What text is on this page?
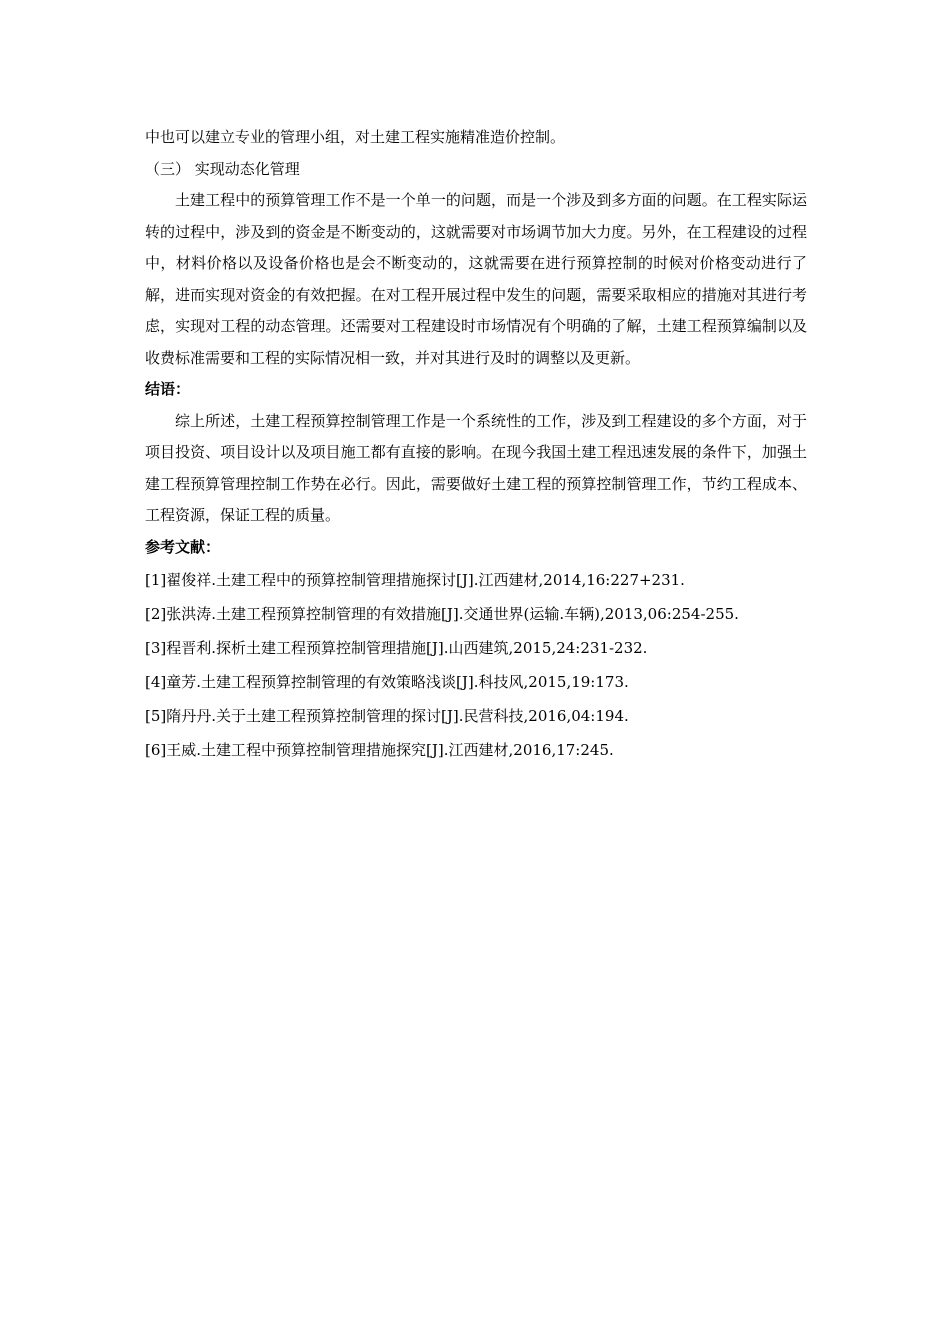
中也可以建立专业的管理小组，对土建工程实施精准造价控制。

（三） 实现动态化管理

土建工程中的预算管理工作不是一个单一的问题，而是一个涉及到多方面的问题。在工程实际运转的过程中，涉及到的资金是不断变动的，这就需要对市场调节加大力度。另外，在工程建设的过程中，材料价格以及设备价格也是会不断变动的，这就需要在进行预算控制的时候对价格变动进行了解，进而实现对资金的有效把握。在对工程开展过程中发生的问题，需要采取相应的措施对其进行考虑，实现对工程的动态管理。还需要对工程建设时市场情况有个明确的了解，土建工程预算编制以及收费标准需要和工程的实际情况相一致，并对其进行及时的调整以及更新。

结语：

综上所述，土建工程预算控制管理工作是一个系统性的工作，涉及到工程建设的多个方面，对于项目投资、项目设计以及项目施工都有直接的影响。在现今我国土建工程迅速发展的条件下，加强土建工程预算管理控制工作势在必行。因此，需要做好土建工程的预算控制管理工作，节约工程成本、工程资源，保证工程的质量。

参考文献：

[1]翟俊祥.土建工程中的预算控制管理措施探讨[J].江西建材,2014,16:227+231.

[2]张洪涛.土建工程预算控制管理的有效措施[J].交通世界(运输.车辆),2013,06:254-255.

[3]程晋利.探析土建工程预算控制管理措施[J].山西建筑,2015,24:231-232.

[4]童芳.土建工程预算控制管理的有效策略浅谈[J].科技风,2015,19:173.

[5]隋丹丹.关于土建工程预算控制管理的探讨[J].民营科技,2016,04:194.

[6]王威.土建工程中预算控制管理措施探究[J].江西建材,2016,17:245.
